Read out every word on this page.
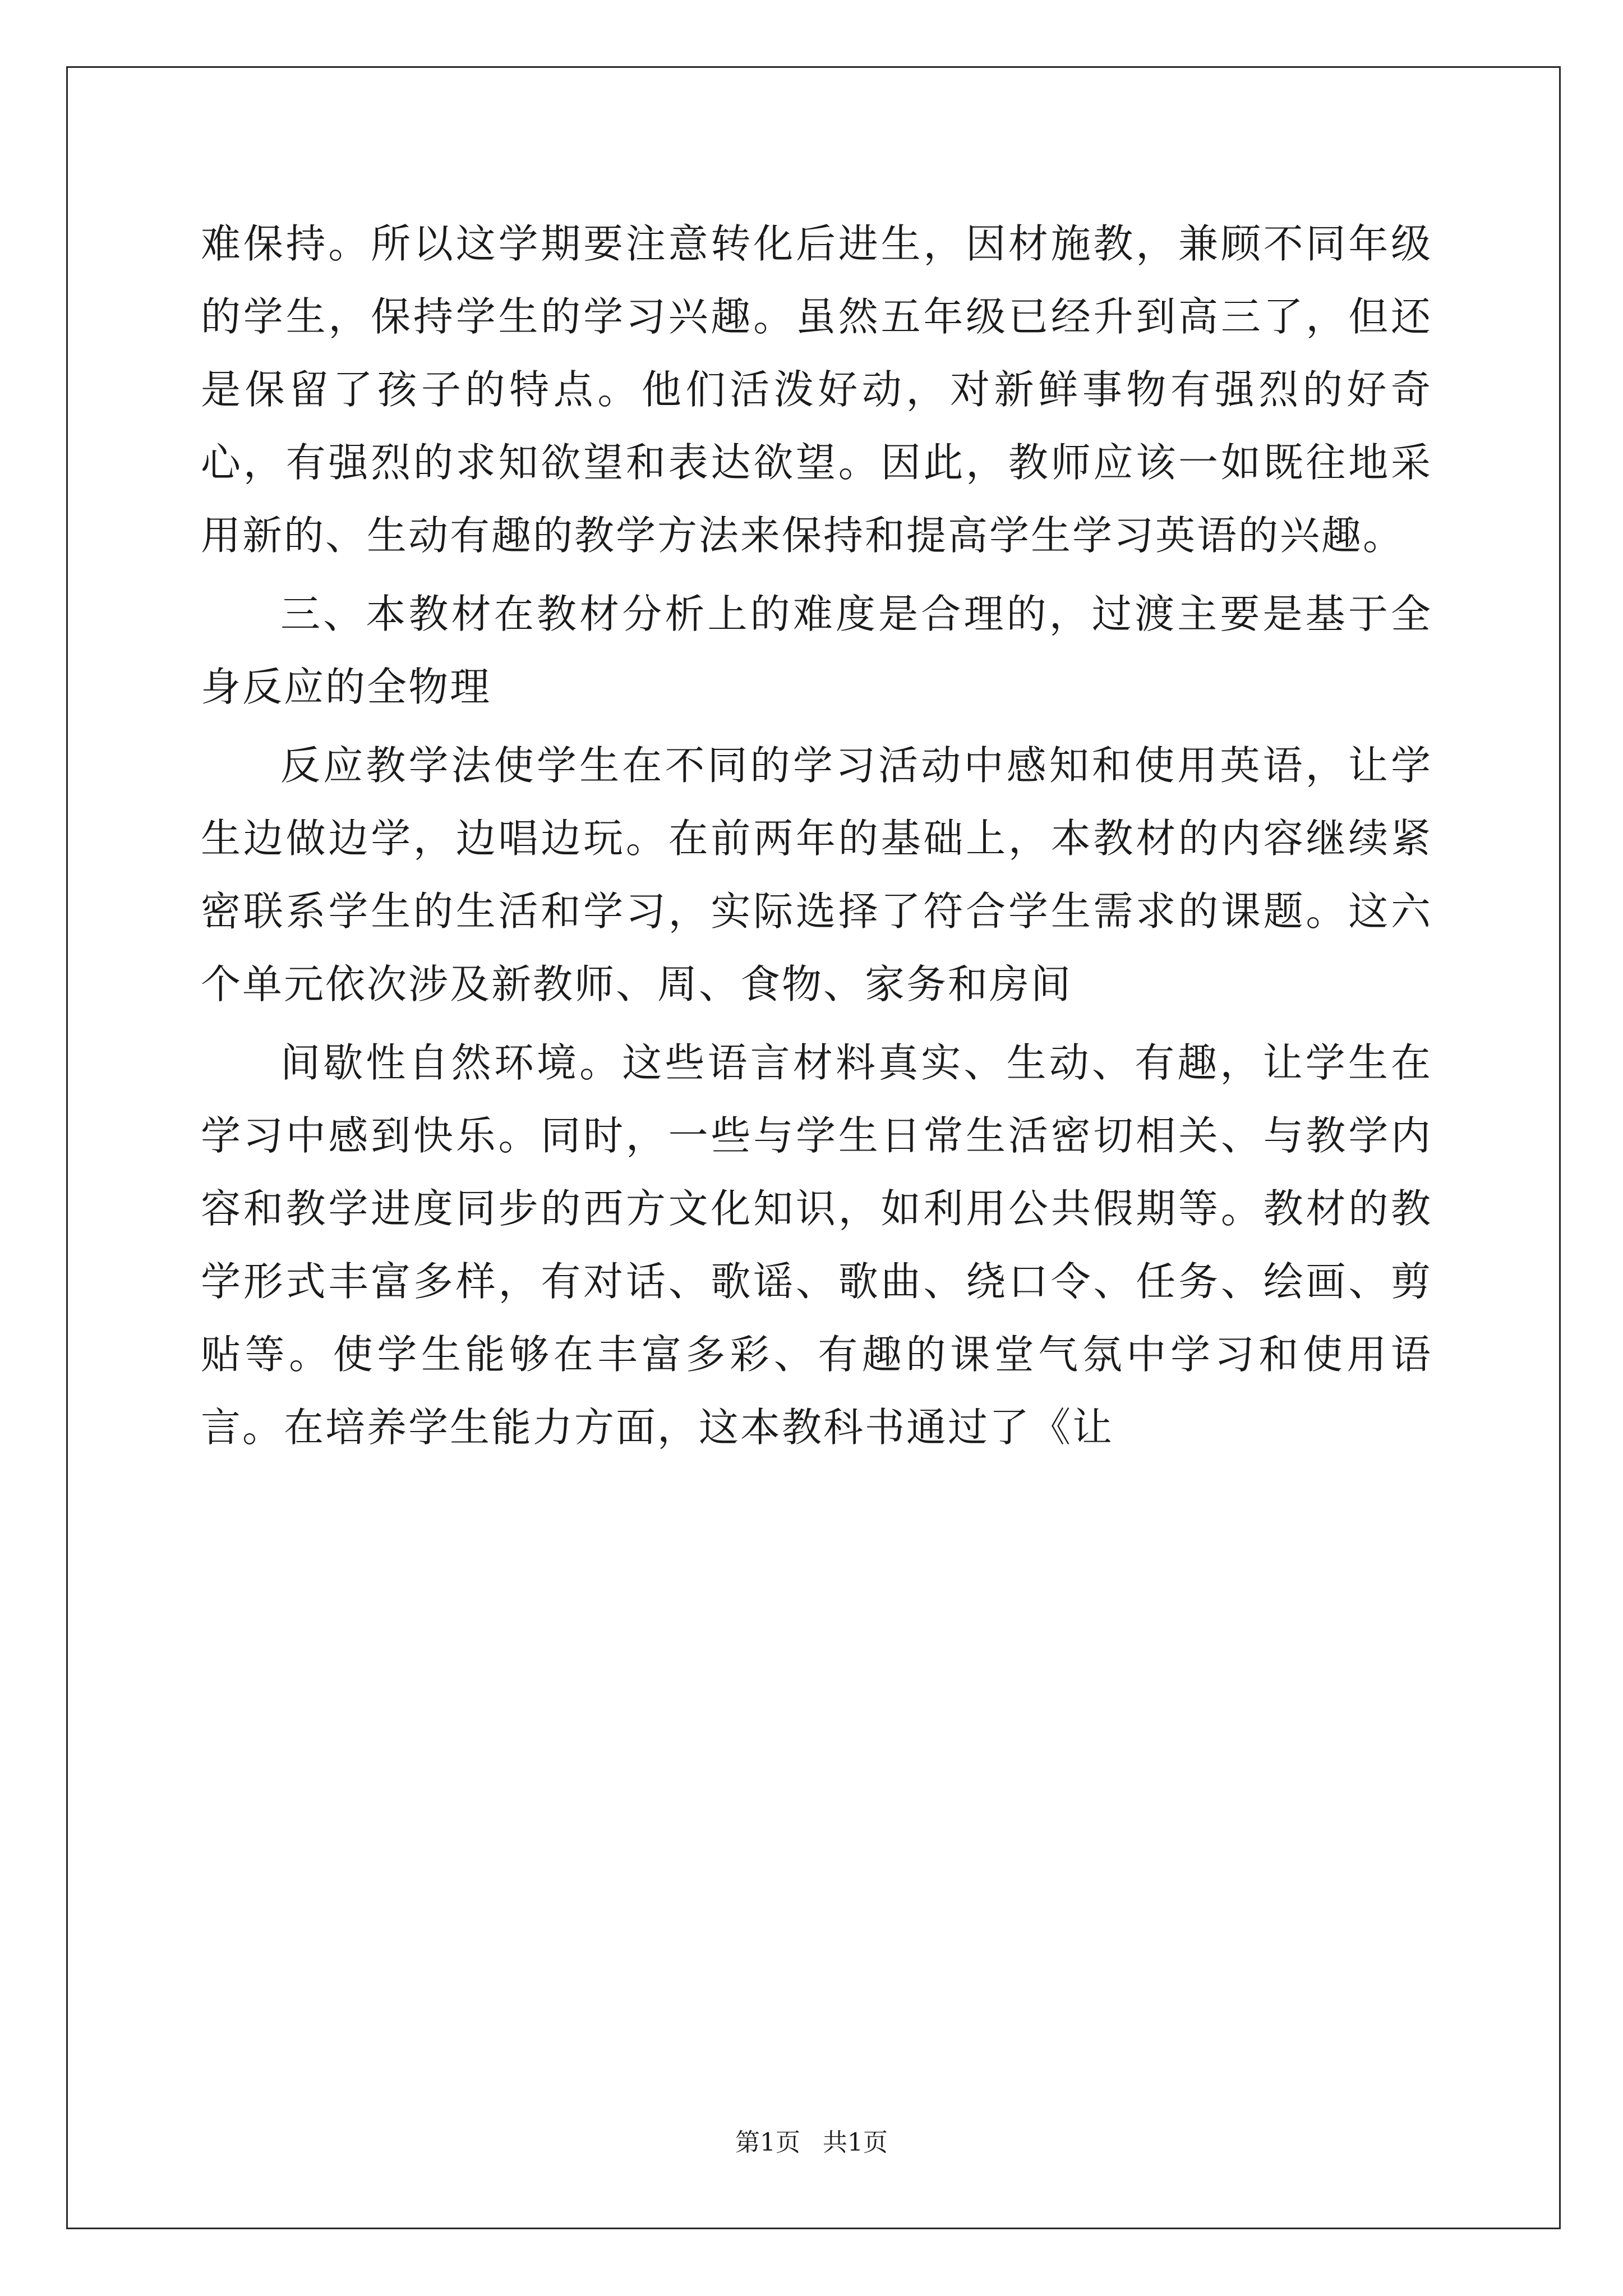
难保持。所以这学期要注意转化后进生，因材施教，兼顾不同年级的学生，保持学生的学习兴趣。虽然五年级已经升到高三了，但还是保留了孩子的特点。他们活泼好动，对新鲜事物有强烈的好奇心，有强烈的求知欲望和表达欲望。因此，教师应该一如既往地采用新的、生动有趣的教学方法来保持和提高学生学习英语的兴趣。

三、本教材在教材分析上的难度是合理的，过渡主要是基于全身反应的全物理

反应教学法使学生在不同的学习活动中感知和使用英语，让学生边做边学，边唱边玩。在前两年的基础上，本教材的内容继续紧密联系学生的生活和学习，实际选择了符合学生需求的课题。这六个单元依次涉及新教师、周、食物、家务和房间

间歇性自然环境。这些语言材料真实、生动、有趣，让学生在学习中感到快乐。同时，一些与学生日常生活密切相关、与教学内容和教学进度同步的西方文化知识，如利用公共假期等。教材的教学形式丰富多样，有对话、歌谣、歌曲、绕口令、任务、绘画、剪贴等。使学生能够在丰富多彩、有趣的课堂气氛中学习和使用语言。在培养学生能力方面，这本教科书通过了《让

第1页 共1页
